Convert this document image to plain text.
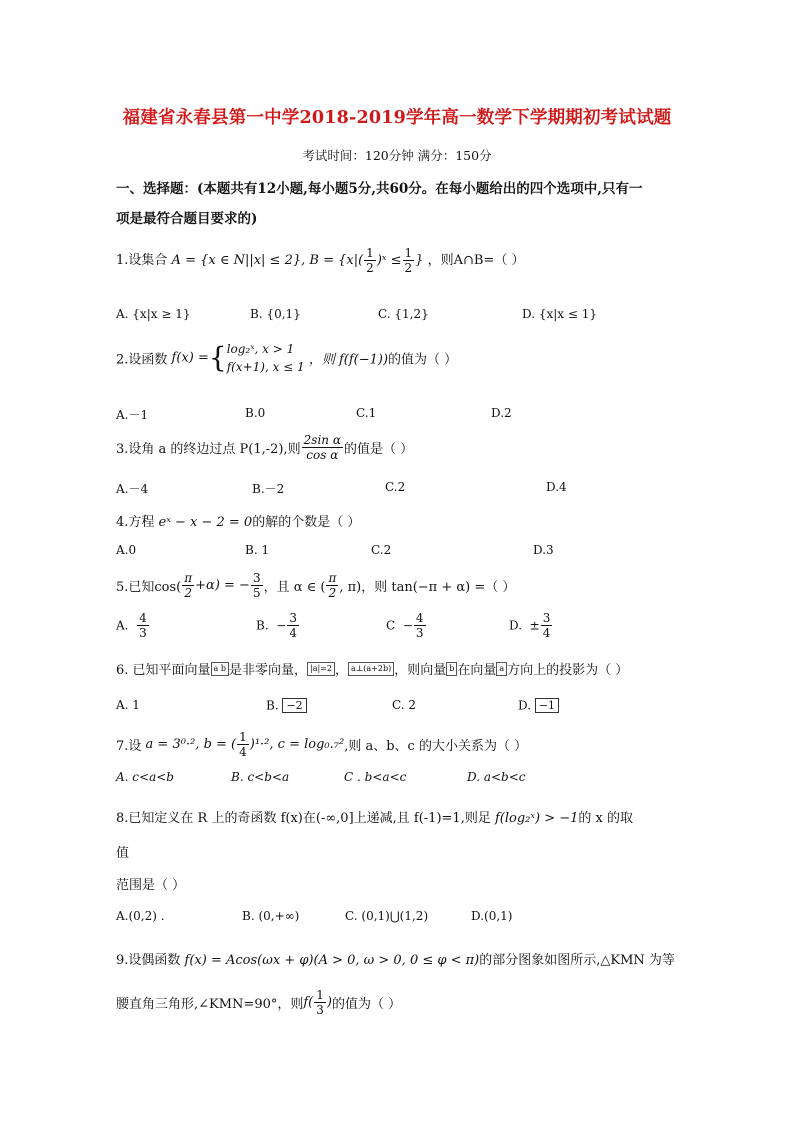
福建省永春县第一中学2018-2019学年高一数学下学期期初考试试题
考试时间：120分钟 满分：150分
一、选择题：(本题共有12小题,每小题5分,共60分。在每小题给出的四个选项中,只有一
项是最符合题目要求的)
1.设集合 A = {x ∈ N||x| ≤ 2}, $B = \{x|( \frac{1}{2}$ )ˣ ≤ $\frac{1}{2}$ } ，则A∩B=（ ）
A. {x|x ≥ 1}	B. {0,1}	C. {1,2}	D. {x|x ≤ 1}
2.设函数 f(x) ={ log₂ˣ, x > 1
f(x+1), x ≤ 1 ，则 f(f(−1))的值为（ ）
A.－1	B.0	C.1	D.2
3.设角 a 的终边过点 P(1,-2),则 $\frac{\text{2sin α}}{\text{cos α}}$ 的值是（ ）
A.－4	B.－2	C.2	D.4
4.方程 eˣ − x − 2 = 0的解的个数是（ ）
A.0	B. 1	C.2	D.3
5.已知$\cos( \frac{\pi}{2} +\alpha)$ = − $\frac{3}{5}$ ，且 α ∈ ( $\frac{\pi}{2}$ , π)，则 tan(−π + α) =（ ）
A. $\frac{4}{3}$	B. − $\frac{3}{4}$	$C - \frac{4}{3}$	D. ± $\frac{3}{4}$
6. 已知平面向量 a b 是非零向量， |a|=2 ， a⊥(a+2b) ，则向量 b 在向量 a 方向上的投影为（ ）
A. 1	B. −2	C. 2	D. −1
7.设 a = 3⁰·², b = ( $\frac{1}{4} )^1\cdot^2$, c = log₀.₇²,则 a、b、c 的大小关系为（ ）
A. c<a<b	B. c<b<a	C . b<a<c	D. a<b<c
8.已知定义在 R 上的奇函数 f(x)在(-∞,0]上递减,且 f(-1)=1,则足 f(log₂ˣ) > −1的 x 的取
值
范围是（ ）
A.(0,2) .	B. (0,+∞)	C. (0,1)⋃(1,2)	D.(0,1)
9.设偶函数 f(x) = Acos(ωx + φ)(A > 0, ω > 0, 0 ≤ φ < π)的部分图象如图所示,△KMN 为等
腰直角三角形,∠KMN=90°，则$f( \frac{1}{3}$ )的值为（ ）
